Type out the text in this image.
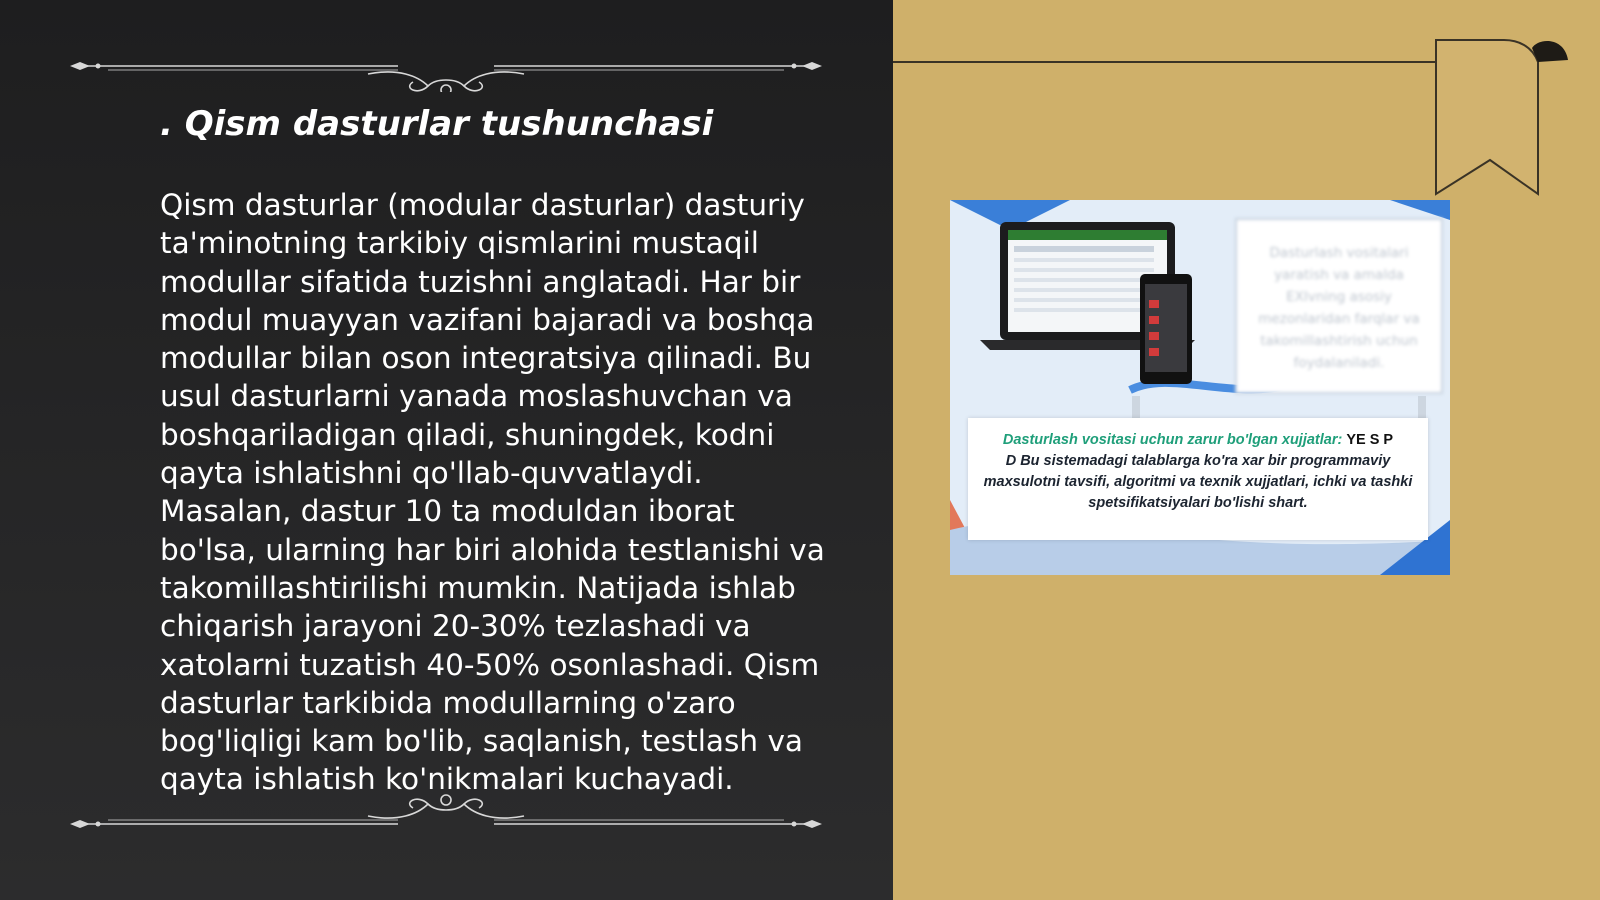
. Qism dasturlar tushunchasi

Qism dasturlar (modular dasturlar) dasturiy
ta'minotning tarkibiy qismlarini mustaqil
modullar sifatida tuzishni anglatadi. Har bir
modul muayyan vazifani bajaradi va boshqa
modullar bilan oson integratsiya qilinadi. Bu
usul dasturlarni yanada moslashuvchan va
boshqariladigan qiladi, shuningdek, kodni
qayta ishlatishni qo'llab-quvvatlaydi.
Masalan, dastur 10 ta moduldan iborat
bo'lsa, ularning har biri alohida testlanishi va
takomillashtirilishi mumkin. Natijada ishlab
chiqarish jarayoni 20-30% tezlashadi va
xatolarni tuzatish 40-50% osonlashadi. Qism
dasturlar tarkibida modullarning o'zaro
bog'liqligi kam bo'lib, saqlanish, testlash va
qayta ishlatish ko'nikmalari kuchayadi.

Dasturlash vositalari yaratish va amalda EXIvning asosiy mezonlaridan farqlar va takomillashtirish uchun foydalaniladi.
Dasturlash vositasi uchun zarur bo'lgan xujjatlar: YE S P
D Bu sistemadagi talablarga ko'ra xar bir programmaviy maxsulotni tavsifi, algoritmi va texnik xujjatlari, ichki va tashki spetsifikatsiyalari bo'lishi shart.
